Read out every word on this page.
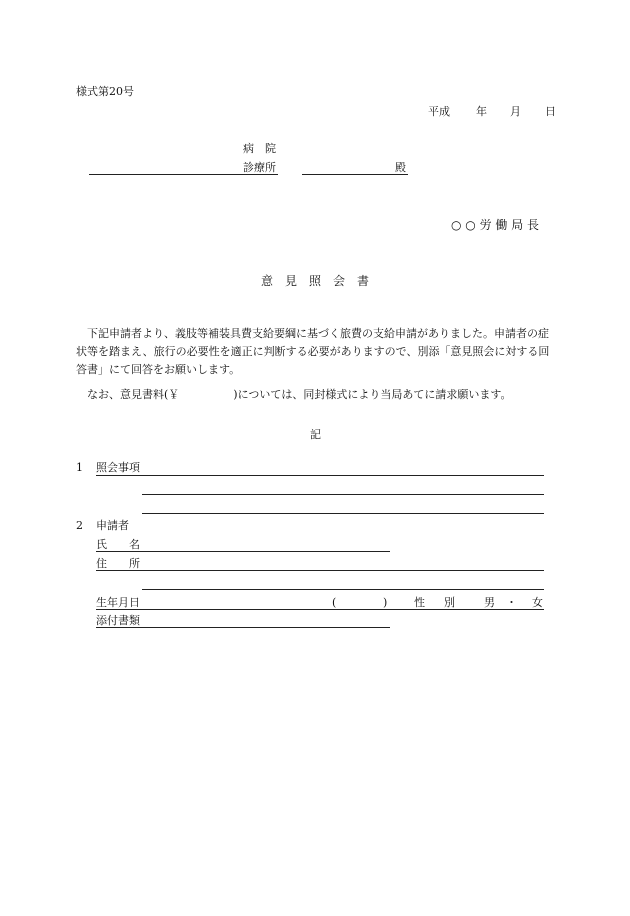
様式第20号
平成 年 月 日
病　院
診療所	殿
○ ○ 労 働 局 長
意　見　照　会　書
下記申請者より、義肢等補装具費支給要綱に基づく旅費の支給申請がありました。申請者の症状等を踏まえ、旅行の必要性を適正に判断する必要がありますので、別添「意見照会に対する回答書」にて回答をお願いします。
なお、意見書料(￥	)については、同封様式により当局あてに請求願います。
記
1 照会事項
2 申請者
氏　　名
住　　所
生年月日	(	) 性　別 男 ・ 女
添付書類
